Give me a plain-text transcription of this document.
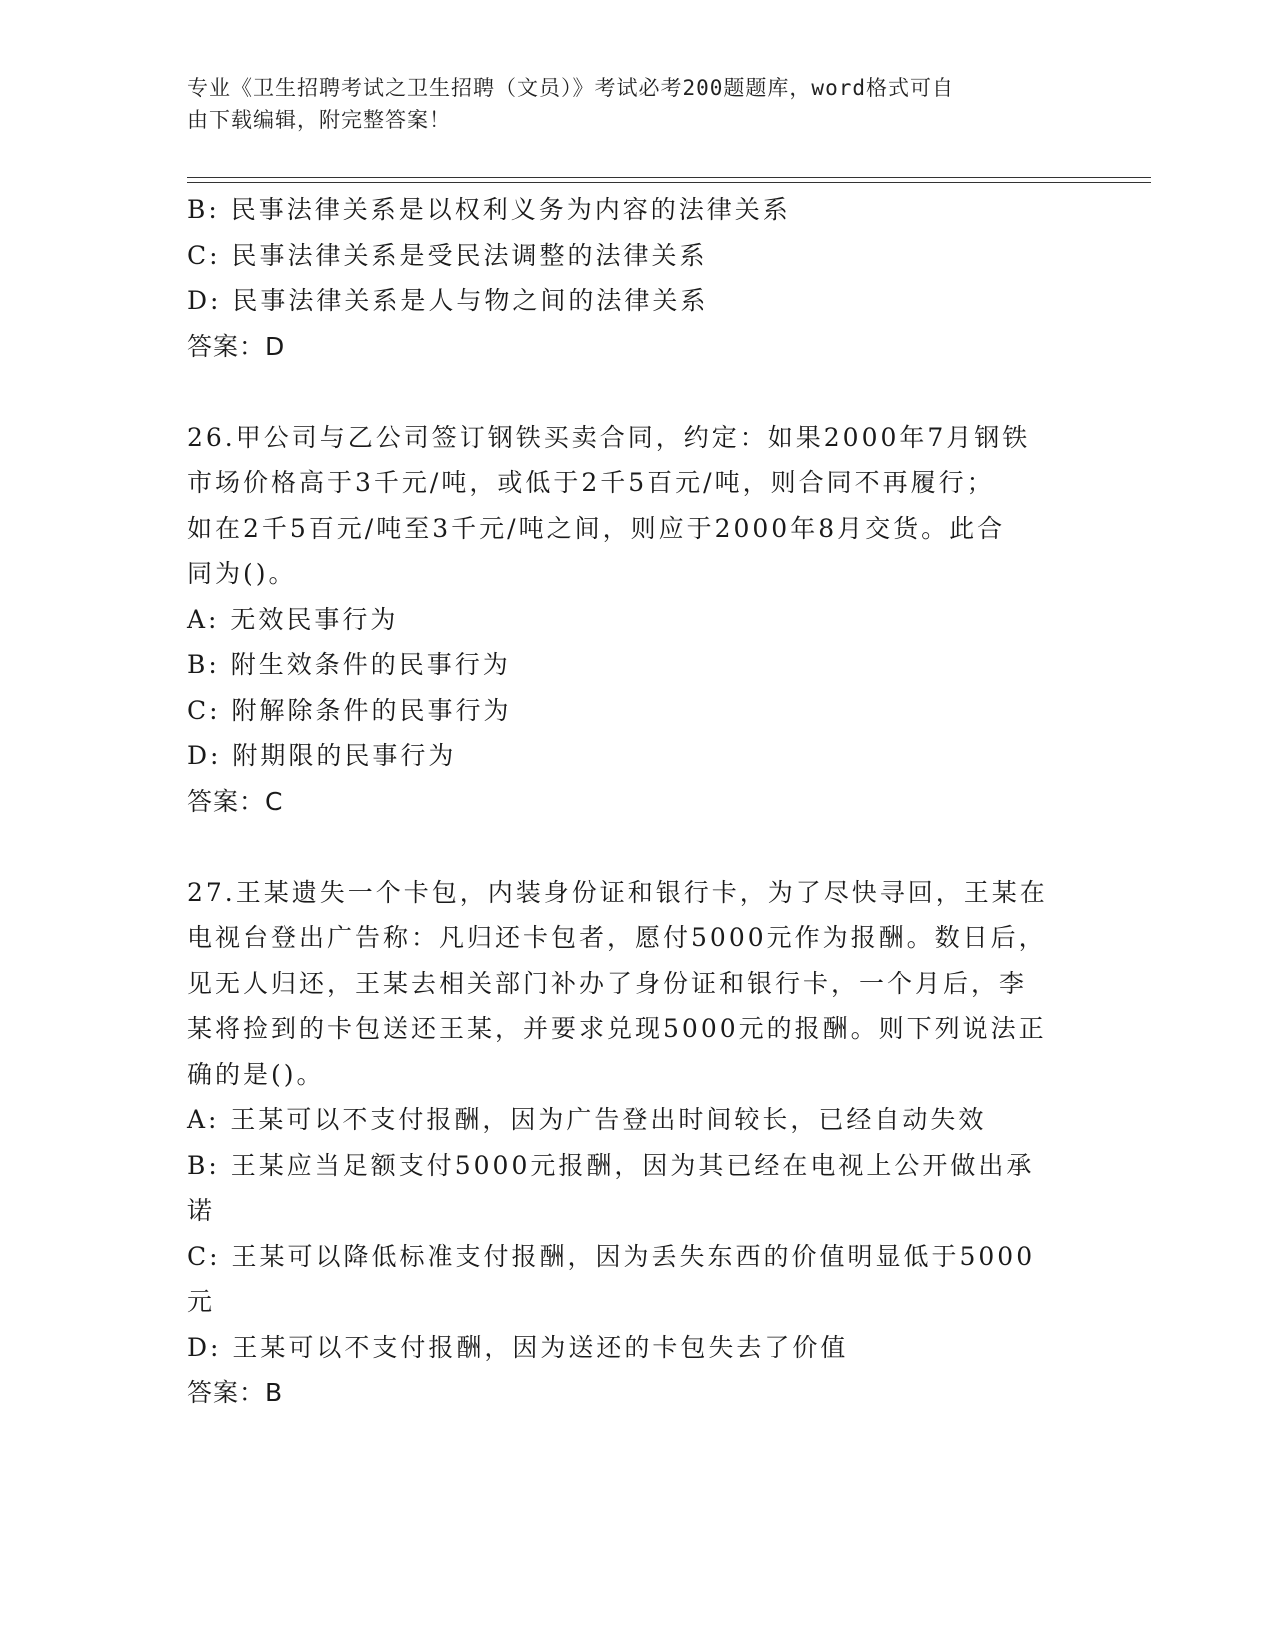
专业《卫生招聘考试之卫生招聘（文员）》考试必考200题题库，word格式可自
由下载编辑，附完整答案！
B: 民事法律关系是以权利义务为内容的法律关系
C: 民事法律关系是受民法调整的法律关系
D: 民事法律关系是人与物之间的法律关系
答案：D
26.甲公司与乙公司签订钢铁买卖合同，约定：如果2000年7月钢铁
市场价格高于3千元/吨，或低于2千5百元/吨，则合同不再履行；
如在2千5百元/吨至3千元/吨之间，则应于2000年8月交货。此合
同为()。
A: 无效民事行为
B: 附生效条件的民事行为
C: 附解除条件的民事行为
D: 附期限的民事行为
答案：C
27.王某遗失一个卡包，内装身份证和银行卡，为了尽快寻回，王某在
电视台登出广告称：凡归还卡包者，愿付5000元作为报酬。数日后，
见无人归还，王某去相关部门补办了身份证和银行卡，一个月后，李
某将捡到的卡包送还王某，并要求兑现5000元的报酬。则下列说法正
确的是()。
A: 王某可以不支付报酬，因为广告登出时间较长，已经自动失效
B: 王某应当足额支付5000元报酬，因为其已经在电视上公开做出承
诺
C: 王某可以降低标准支付报酬，因为丢失东西的价值明显低于5000
元
D: 王某可以不支付报酬，因为送还的卡包失去了价值
答案：B
